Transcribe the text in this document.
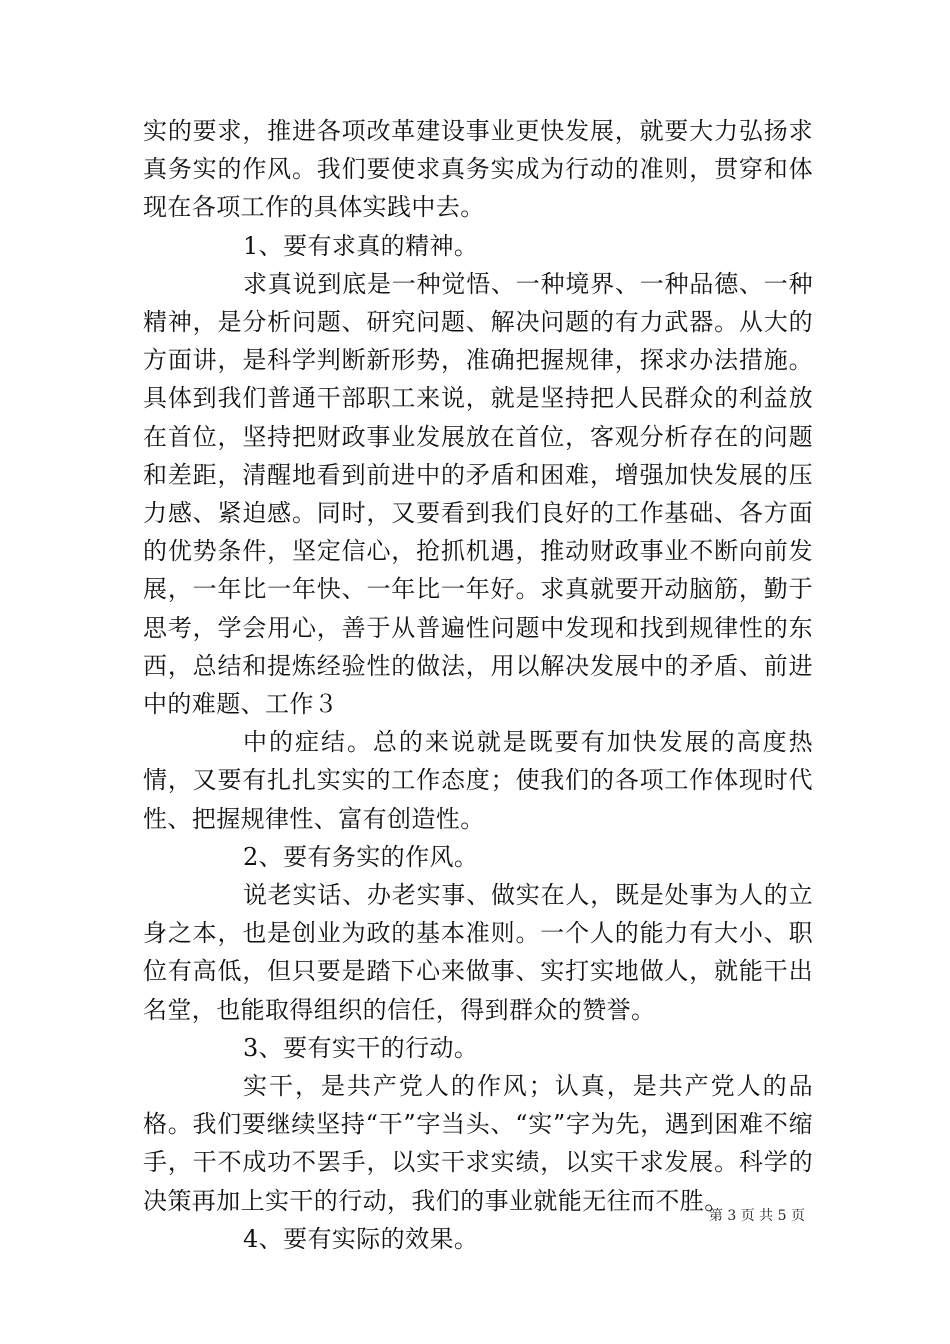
实的要求，推进各项改革建设事业更快发展，就要大力弘扬求真务实的作风。我们要使求真务实成为行动的准则，贯穿和体现在各项工作的具体实践中去。

1、要有求真的精神。

求真说到底是一种觉悟、一种境界、一种品德、一种精神，是分析问题、研究问题、解决问题的有力武器。从大的方面讲，是科学判断新形势，准确把握规律，探求办法措施。具体到我们普通干部职工来说，就是坚持把人民群众的利益放在首位，坚持把财政事业发展放在首位，客观分析存在的问题和差距，清醒地看到前进中的矛盾和困难，增强加快发展的压力感、紧迫感。同时，又要看到我们良好的工作基础、各方面的优势条件，坚定信心，抢抓机遇，推动财政事业不断向前发展，一年比一年快、一年比一年好。求真就要开动脑筋，勤于思考，学会用心，善于从普遍性问题中发现和找到规律性的东西，总结和提炼经验性的做法，用以解决发展中的矛盾、前进中的难题、工作３

中的症结。总的来说就是既要有加快发展的高度热情，又要有扎扎实实的工作态度；使我们的各项工作体现时代性、把握规律性、富有创造性。

2、要有务实的作风。

说老实话、办老实事、做实在人，既是处事为人的立身之本，也是创业为政的基本准则。一个人的能力有大小、职位有高低，但只要是踏下心来做事、实打实地做人，就能干出名堂，也能取得组织的信任，得到群众的赞誉。

3、要有实干的行动。

实干，是共产党人的作风；认真，是共产党人的品格。我们要继续坚持“干”字当头、“实”字为先，遇到困难不缩手，干不成功不罢手，以实干求实绩，以实干求发展。科学的决策再加上实干的行动，我们的事业就能无往而不胜。

4、要有实际的效果。

第 3 页 共 5 页
